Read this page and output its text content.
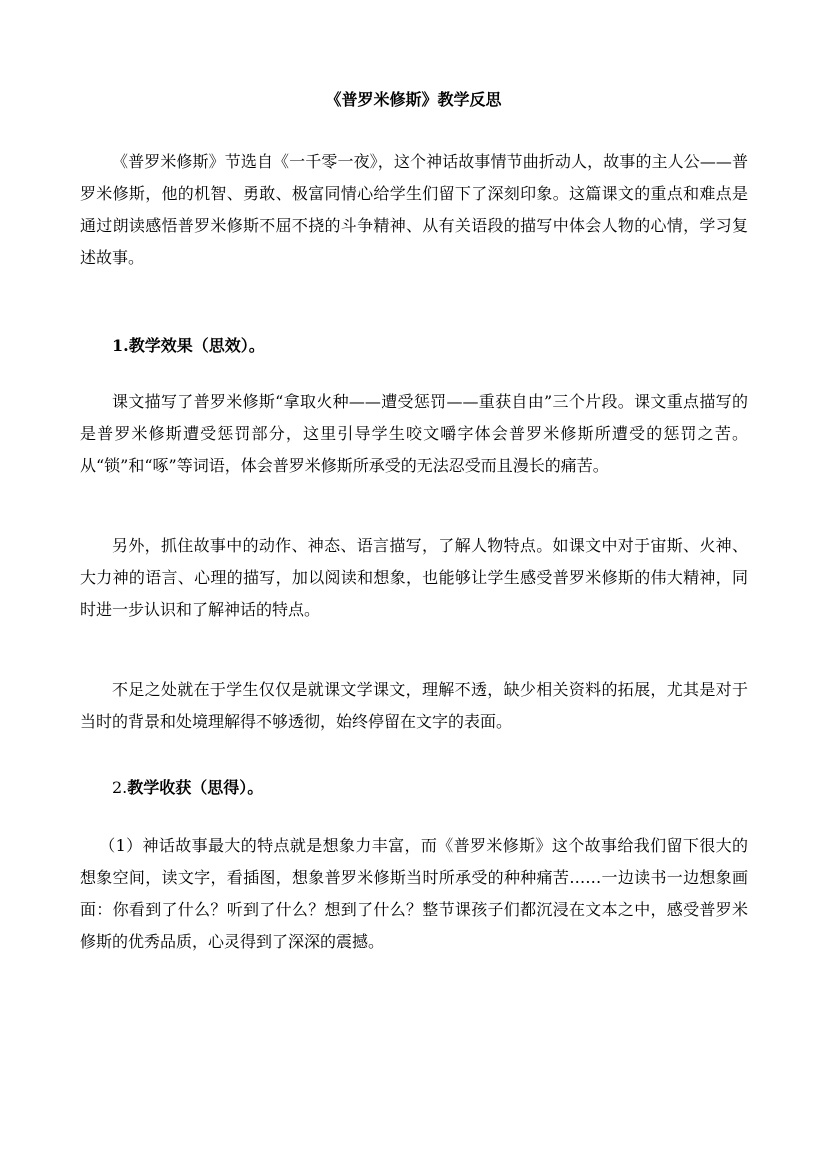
《普罗米修斯》教学反思

《普罗米修斯》节选自《一千零一夜》，这个神话故事情节曲折动人，故事的主人公——普罗米修斯，他的机智、勇敢、极富同情心给学生们留下了深刻印象。这篇课文的重点和难点是通过朗读感悟普罗米修斯不屈不挠的斗争精神、从有关语段的描写中体会人物的心情，学习复述故事。

1.教学效果（思效）。

课文描写了普罗米修斯“拿取火种——遭受惩罚——重获自由”三个片段。课文重点描写的是普罗米修斯遭受惩罚部分，这里引导学生咬文嚼字体会普罗米修斯所遭受的惩罚之苦。从“锁”和“啄”等词语，体会普罗米修斯所承受的无法忍受而且漫长的痛苦。

另外，抓住故事中的动作、神态、语言描写，了解人物特点。如课文中对于宙斯、火神、大力神的语言、心理的描写，加以阅读和想象，也能够让学生感受普罗米修斯的伟大精神，同时进一步认识和了解神话的特点。

不足之处就在于学生仅仅是就课文学课文，理解不透，缺少相关资料的拓展，尤其是对于当时的背景和处境理解得不够透彻，始终停留在文字的表面。

2.教学收获（思得）。

（1）神话故事最大的特点就是想象力丰富，而《普罗米修斯》这个故事给我们留下很大的想象空间，读文字，看插图，想象普罗米修斯当时所承受的种种痛苦……一边读书一边想象画面：你看到了什么？听到了什么？想到了什么？整节课孩子们都沉浸在文本之中，感受普罗米修斯的优秀品质，心灵得到了深深的震撼。
